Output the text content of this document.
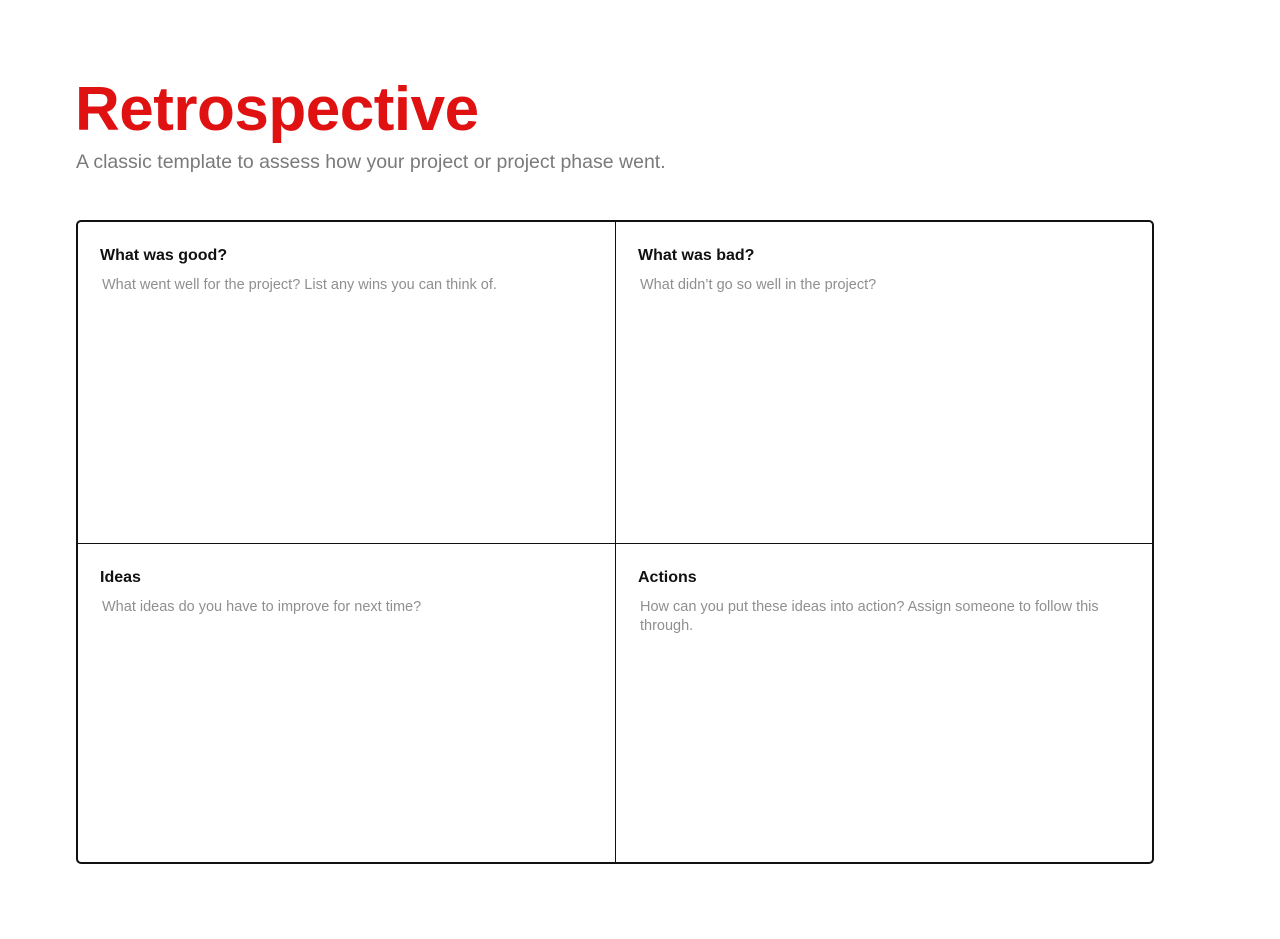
Retrospective

A classic template to assess how your project or project phase went.

What was good?

What went well for the project? List any wins you can think of.

What was bad?

What didn’t go so well in the project?

Ideas

What ideas do you have to improve for next time?

Actions

How can you put these ideas into action? Assign someone to follow this through.
